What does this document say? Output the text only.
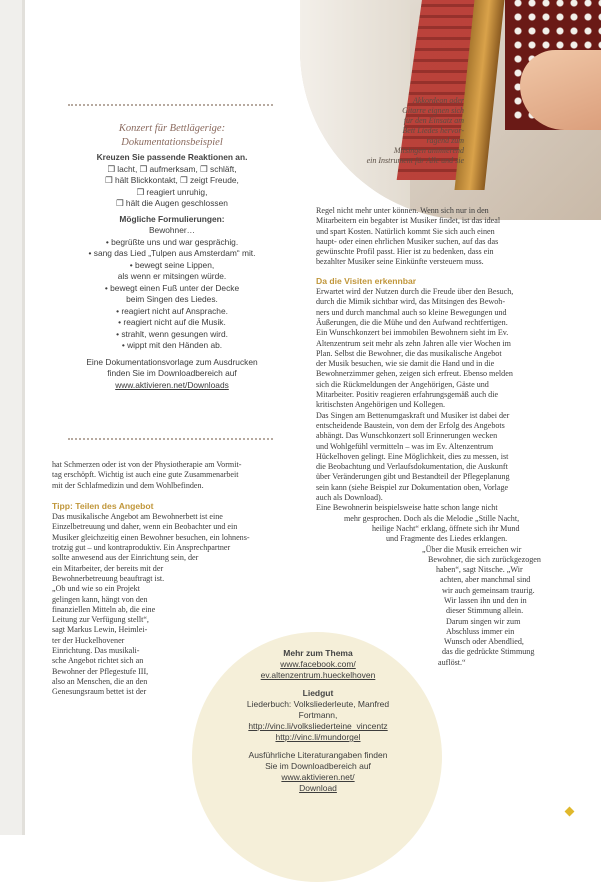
Akkordeon oder
Gitarre eignen sich
für den Einsatz am
Bett Liedes hervor-
ragend zum
Mitsingen animierend
ein Instrument für Alle und sie
Konzert für Bettlägerige:
Dokumentationsbeispiel
Kreuzen Sie passende Reaktionen an.
❒ lacht, ❒ aufmerksam, ❒ schläft,
❒ hält Blickkontakt, ❒ zeigt Freude,
❒ reagiert unruhig,
❒ hält die Augen geschlossen
Mögliche Formulierungen:
Bewohner…
• begrüßte uns und war gesprächig.
• sang das Lied „Tulpen aus Amsterdam“ mit.
• bewegt seine Lippen,
als wenn er mitsingen würde.
• bewegt einen Fuß unter der Decke
beim Singen des Liedes.
• reagiert nicht auf Ansprache.
• reagiert nicht auf die Musik.
• strahlt, wenn gesungen wird.
• wippt mit den Händen ab.
Eine Dokumentationsvorlage zum Ausdrucken
finden Sie im Downloadbereich auf
www.aktivieren.net/Downloads

hat Schmerzen oder ist von der Physiotherapie am Vormit-

tag erschöpft. Wichtig ist auch eine gute Zusammenarbeit

mit der Schlafmedizin und dem Wohlbefinden.

Tipp: Teilen des Angebot

Das musikalische Angebot am Bewohnerbett ist eine

Einzelbetreuung und daher, wenn ein Beobachter und ein

Musiker gleichzeitig einen Bewohner besuchen, ein lohnens-

trotzig gut – und kontraproduktiv. Ein Ansprechpartner

sollte anwesend aus der Einrichtung sein, der

ein Mitarbeiter, der bereits mit der

Bewohnerbetreuung beauftragt ist.

„Ob und wie so ein Projekt

gelingen kann, hängt von den

finanziellen Mitteln ab, die eine

Leitung zur Verfügung stellt“,

sagt Markus Lewin, Heimlei-

ter der Huckelhovener

Einrichtung. Das musikali-

sche Angebot richtet sich an

Bewohner der Pflegestufe III,

also an Menschen, die an den

Genesungsraum bettet ist der

Regel nicht mehr unter können. Wenn sich nur in den

Mitarbeitern ein begabter ist Musiker findet, ist das ideal

und spart Kosten. Natürlich kommt Sie sich auch einen

haupt- oder einen ehrlichen Musiker suchen, auf das das

gewünschte Profil passt. Hier ist zu bedenken, dass ein

bezahlter Musiker seine Einkünfte versteuern muss.

Da die Visiten erkennbar

Erwartet wird der Nutzen durch die Freude über den Besuch,

durch die Mimik sichtbar wird, das Mitsingen des Bewoh-

ners und durch manchmal auch so kleine Bewegungen und

Äußerungen, die die Mühe und den Aufwand rechtfertigen.

Ein Wunschkonzert bei immobilen Bewohnern sieht im Ev.

Altenzentrum seit mehr als zehn Jahren alle vier Wochen im

Plan. Selbst die Bewohner, die das musikalische Angebot

der Musik besuchen, wie sie damit die Hand und in die

Bewohnerzimmer gehen, zeigen sich erfreut. Ebenso melden

sich die Rückmeldungen der Angehörigen, Gäste und

Mitarbeiter. Positiv reagieren erfahrungsgemäß auch die

kritischsten Angehörigen und Kollegen.

Das Singen am Bettenumgaskraft und Musiker ist dabei der

entscheidende Baustein, von dem der Erfolg des Angebots

abhängt. Das Wunschkonzert soll Erinnerungen wecken

und Wohlgefühl vermitteln – was im Ev. Altenzentrum

Hückelhoven gelingt. Eine Möglichkeit, dies zu messen, ist

die Beobachtung und Verlaufsdokumentation, die Auskunft

über Veränderungen gibt und Bestandteil der Pflegeplanung

sein kann (siehe Beispiel zur Dokumentation oben, Vorlage

auch als Download).

Eine Bewohnerin beispielsweise hatte schon lange nicht

mehr gesprochen. Doch als die Melodie „Stille Nacht,

heilige Nacht“ erklang, öffnete sich ihr Mund

und Fragmente des Liedes erklangen.

„Über die Musik erreichen wir

Bewohner, die sich zurückgezogen

haben“, sagt Nitsche. „Wir

achten, aber manchmal sind

wir auch gemeinsam traurig.

Wir lassen ihn und den in

dieser Stimmung allein.

Darum singen wir zum

Abschluss immer ein

Wunsch oder Abendlied,

das die gedrückte Stimmung

auflöst.“

Mehr zum Thema
www.facebook.com/
ev.altenzentrum.hueckelhoven
Liedgut
Liederbuch: Volksliederleute, Manfred
Fortmann,
http://vinc.li/volksliederteine_vincentz
http://vinc.li/mundorgel
Ausführliche Literaturangaben finden
Sie im Downloadbereich auf
www.aktivieren.net/
Download
